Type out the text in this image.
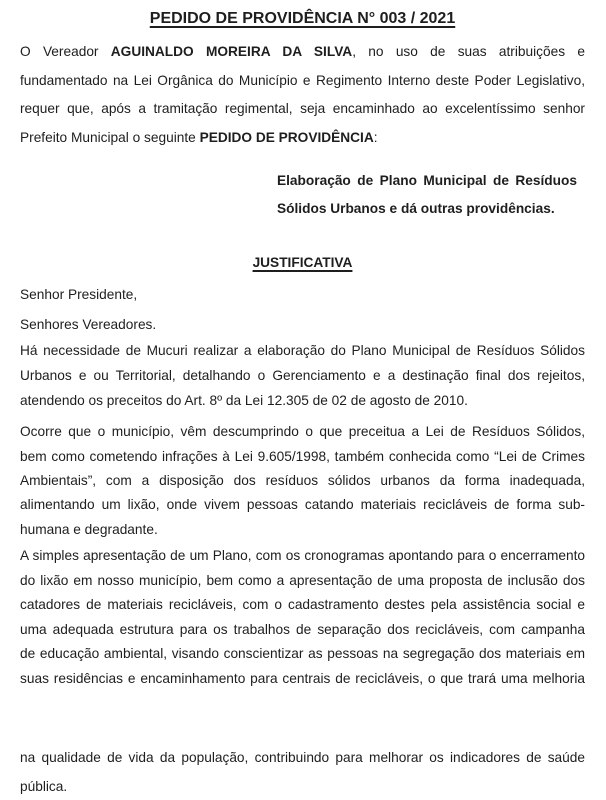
PEDIDO DE PROVIDÊNCIA N° 003 / 2021
O Vereador AGUINALDO MOREIRA DA SILVA, no uso de suas atribuições e
fundamentado na Lei Orgânica do Município e Regimento Interno deste Poder Legislativo,
requer que, após a tramitação regimental, seja encaminhado ao excelentíssimo senhor
Prefeito Municipal o seguinte PEDIDO DE PROVIDÊNCIA:
Elaboração de Plano Municipal de Resíduos
Sólidos Urbanos e dá outras providências.
JUSTIFICATIVA
Senhor Presidente,
Senhores Vereadores.
Há necessidade de Mucuri realizar a elaboração do Plano Municipal de Resíduos Sólidos
Urbanos e ou Territorial, detalhando o Gerenciamento e a destinação final dos rejeitos,
atendendo os preceitos do Art. 8º da Lei 12.305 de 02 de agosto de 2010.
Ocorre que o município, vêm descumprindo o que preceitua a Lei de Resíduos Sólidos,
bem como cometendo infrações à Lei 9.605/1998, também conhecida como “Lei de Crimes
Ambientais”, com a disposição dos resíduos sólidos urbanos da forma inadequada,
alimentando um lixão, onde vivem pessoas catando materiais recicláveis de forma sub-
humana e degradante.
A simples apresentação de um Plano, com os cronogramas apontando para o encerramento
do lixão em nosso município, bem como a apresentação de uma proposta de inclusão dos
catadores de materiais recicláveis, com o cadastramento destes pela assistência social e
uma adequada estrutura para os trabalhos de separação dos recicláveis, com campanha
de educação ambiental, visando conscientizar as pessoas na segregação dos materiais em
suas residências e encaminhamento para centrais de recicláveis, o que trará uma melhoria
na qualidade de vida da população, contribuindo para melhorar os indicadores de saúde
pública.
